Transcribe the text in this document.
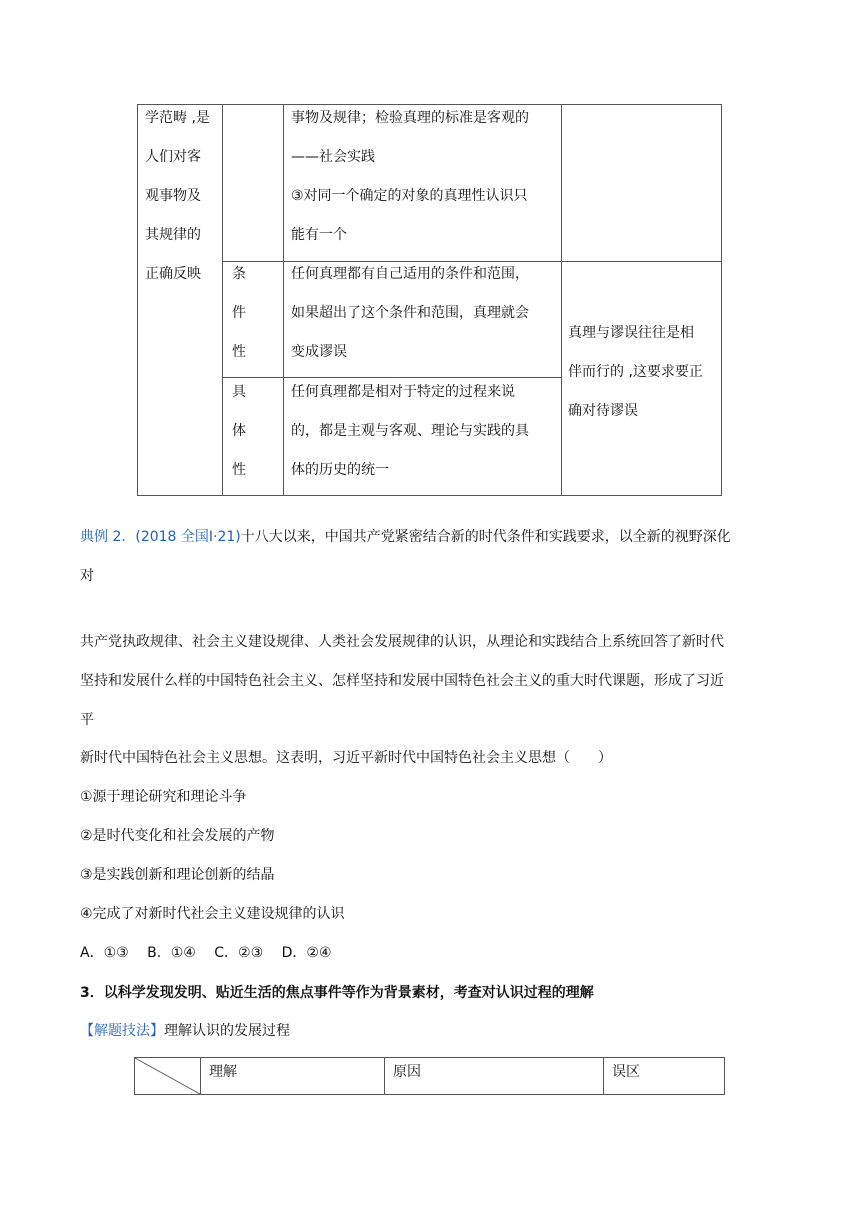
学范畴 ,是
人们对客
观事物及
其规律的
正确反映
事物及规律；检验真理的标准是客观的
——社会实践
③对同一个确定的对象的真理性认识只
能有一个
条
件
性
任何真理都有自己适用的条件和范围，
如果超出了这个条件和范围，真理就会
变成谬误
具
体
性
任何真理都是相对于特定的过程来说
的，都是主观与客观、理论与实践的具
体的历史的统一
真理与谬误往往是相
伴而行的 ,这要求要正
确对待谬误
典例 2．(2018 全国Ⅰ·21)十八大以来，中国共产党紧密结合新的时代条件和实践要求，以全新的视野深化
对
共产党执政规律、社会主义建设规律、人类社会发展规律的认识，从理论和实践结合上系统回答了新时代
坚持和发展什么样的中国特色社会主义、怎样坚持和发展中国特色社会主义的重大时代课题，形成了习近
平
新时代中国特色社会主义思想。这表明，习近平新时代中国特色社会主义思想（　　）
①源于理论研究和理论斗争
②是时代变化和社会发展的产物
③是实践创新和理论创新的结晶
④完成了对新时代社会主义建设规律的认识
A．①③　 B．①④　 C．②③　 D．②④
3．以科学发现发明、贴近生活的焦点事件等作为背景素材，考查对认识过程的理解
【解题技法】理解认识的发展过程
理解	原因	误区
